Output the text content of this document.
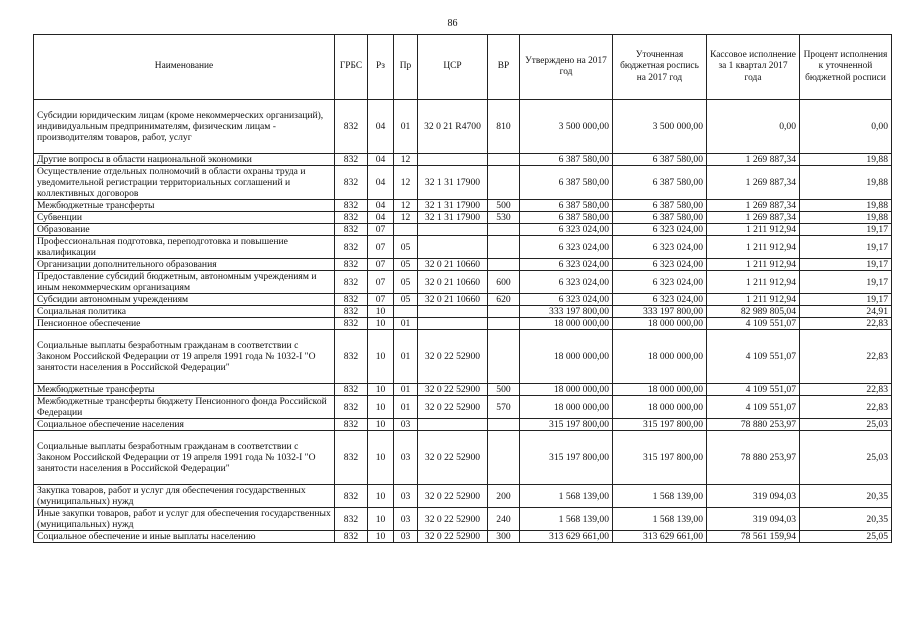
86
Наименование	ГРБС	Рз	Пр	ЦСР	ВР	Утверждено на 2017 год	Уточненная бюджетная роспись на 2017 год	Кассовое исполнение за 1 квартал 2017 года	Процент исполнения к уточненной бюджетной росписи
Субсидии юридическим лицам (кроме некоммерческих организаций), индивидуальным предпринимателям, физическим лицам - производителям товаров, работ, услуг	832	04	01	32 0 21 R4700	810	3 500 000,00	3 500 000,00	0,00	0,00
Другие вопросы в области национальной экономики	832	04	12			6 387 580,00	6 387 580,00	1 269 887,34	19,88
Осуществление отдельных полномочий в области охраны труда и уведомительной регистрации территориальных соглашений и коллективных договоров	832	04	12	32 1 31 17900		6 387 580,00	6 387 580,00	1 269 887,34	19,88
Межбюджетные трансферты	832	04	12	32 1 31 17900	500	6 387 580,00	6 387 580,00	1 269 887,34	19,88
Субвенции	832	04	12	32 1 31 17900	530	6 387 580,00	6 387 580,00	1 269 887,34	19,88
Образование	832	07				6 323 024,00	6 323 024,00	1 211 912,94	19,17
Профессиональная подготовка, переподготовка и повышение квалификации	832	07	05			6 323 024,00	6 323 024,00	1 211 912,94	19,17
Организации дополнительного образования	832	07	05	32 0 21 10660		6 323 024,00	6 323 024,00	1 211 912,94	19,17
Предоставление субсидий бюджетным, автономным учреждениям и иным некоммерческим организациям	832	07	05	32 0 21 10660	600	6 323 024,00	6 323 024,00	1 211 912,94	19,17
Субсидии автономным учреждениям	832	07	05	32 0 21 10660	620	6 323 024,00	6 323 024,00	1 211 912,94	19,17
Социальная политика	832	10				333 197 800,00	333 197 800,00	82 989 805,04	24,91
Пенсионное обеспечение	832	10	01			18 000 000,00	18 000 000,00	4 109 551,07	22,83
Социальные выплаты безработным гражданам в соответствии с Законом Российской Федерации от 19 апреля 1991 года № 1032-I "О занятости населения в Российской Федерации"	832	10	01	32 0 22 52900		18 000 000,00	18 000 000,00	4 109 551,07	22,83
Межбюджетные трансферты	832	10	01	32 0 22 52900	500	18 000 000,00	18 000 000,00	4 109 551,07	22,83
Межбюджетные трансферты бюджету Пенсионного фонда Российской Федерации	832	10	01	32 0 22 52900	570	18 000 000,00	18 000 000,00	4 109 551,07	22,83
Социальное обеспечение населения	832	10	03			315 197 800,00	315 197 800,00	78 880 253,97	25,03
Социальные выплаты безработным гражданам в соответствии с Законом Российской Федерации от 19 апреля 1991 года № 1032-I "О занятости населения в Российской Федерации"	832	10	03	32 0 22 52900		315 197 800,00	315 197 800,00	78 880 253,97	25,03
Закупка товаров, работ и услуг для обеспечения государственных (муниципальных) нужд	832	10	03	32 0 22 52900	200	1 568 139,00	1 568 139,00	319 094,03	20,35
Иные закупки товаров, работ и услуг для обеспечения государственных (муниципальных) нужд	832	10	03	32 0 22 52900	240	1 568 139,00	1 568 139,00	319 094,03	20,35
Социальное обеспечение и иные выплаты населению	832	10	03	32 0 22 52900	300	313 629 661,00	313 629 661,00	78 561 159,94	25,05
